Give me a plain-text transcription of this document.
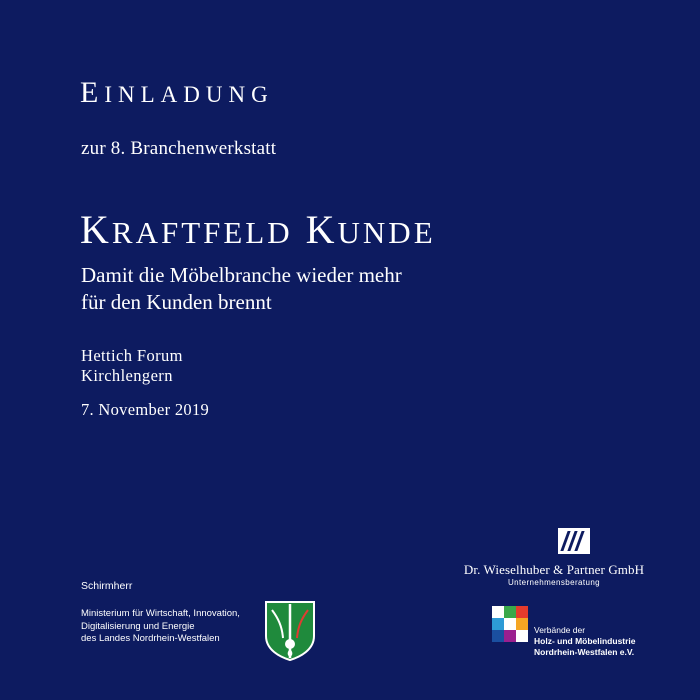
EINLADUNG
zur 8. Branchenwerkstatt
KRAFTFELD KUNDE
Damit die Möbelbranche wieder mehr
für den Kunden brennt
Hettich Forum
Kirchlengern
7. November 2019
Schirmherr
Ministerium für Wirtschaft, Innovation,
Digitalisierung und Energie
des Landes Nordrhein-Westfalen
Dr. Wieselhuber & Partner GmbH
Unternehmensberatung
Verbände der
Holz- und Möbelindustrie
Nordrhein-Westfalen e.V.
